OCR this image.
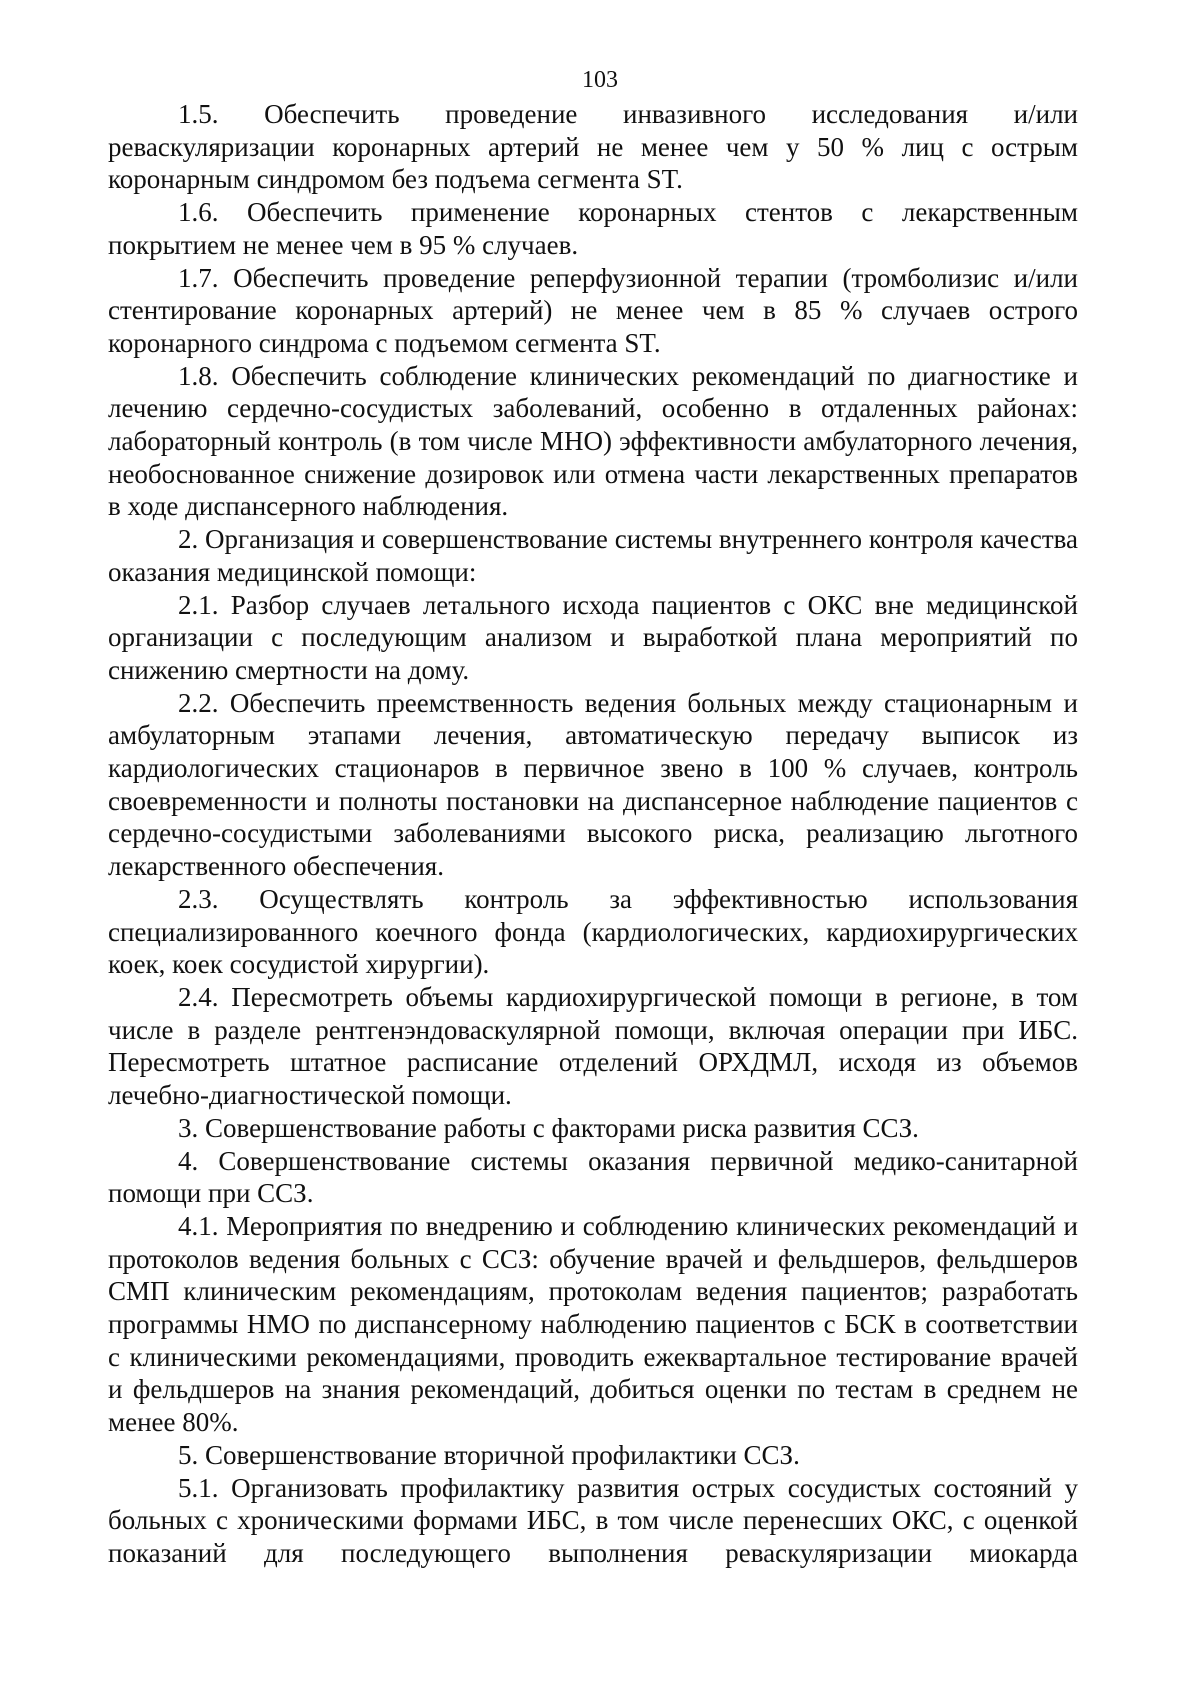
103

1.5. Обеспечить проведение инвазивного исследования и/или реваскуляризации коронарных артерий не менее чем у 50 % лиц с острым коронарным синдромом без подъема сегмента ST.

1.6. Обеспечить применение коронарных стентов с лекарственным покрытием не менее чем в 95 % случаев.

1.7. Обеспечить проведение реперфузионной терапии (тромболизис и/или стентирование коронарных артерий) не менее чем в 85 % случаев острого коронарного синдрома с подъемом сегмента ST.

1.8. Обеспечить соблюдение клинических рекомендаций по диагностике и лечению сердечно-сосудистых заболеваний, особенно в отдаленных районах: лабораторный контроль (в том числе МНО) эффективности амбулаторного лечения, необоснованное снижение дозировок или отмена части лекарственных препаратов в ходе диспансерного наблюдения.

2. Организация и совершенствование системы внутреннего контроля качества оказания медицинской помощи:

2.1. Разбор случаев летального исхода пациентов с ОКС вне медицинской организации с последующим анализом и выработкой плана мероприятий по снижению смертности на дому.

2.2. Обеспечить преемственность ведения больных между стационарным и амбулаторным этапами лечения, автоматическую передачу выписок из кардиологических стационаров в первичное звено в 100 % случаев, контроль своевременности и полноты постановки на диспансерное наблюдение пациентов с сердечно-сосудистыми заболеваниями высокого риска, реализацию льготного лекарственного обеспечения.

2.3. Осуществлять контроль за эффективностью использования специализированного коечного фонда (кардиологических, кардиохирургических коек, коек сосудистой хирургии).

2.4. Пересмотреть объемы кардиохирургической помощи в регионе, в том числе в разделе рентгенэндоваскулярной помощи, включая операции при ИБС. Пересмотреть штатное расписание отделений ОРХДМЛ, исходя из объемов лечебно-диагностической помощи.

3. Совершенствование работы с факторами риска развития ССЗ.

4. Совершенствование системы оказания первичной медико-санитарной помощи при ССЗ.

4.1. Мероприятия по внедрению и соблюдению клинических рекомендаций и протоколов ведения больных с ССЗ: обучение врачей и фельдшеров, фельдшеров СМП клиническим рекомендациям, протоколам ведения пациентов; разработать программы НМО по диспансерному наблюдению пациентов с БСК в соответствии с клиническими рекомендациями, проводить ежеквартальное тестирование врачей и фельдшеров на знания рекомендаций, добиться оценки по тестам в среднем не менее 80%.

5. Совершенствование вторичной профилактики ССЗ.

5.1. Организовать профилактику развития острых сосудистых состояний у больных с хроническими формами ИБС, в том числе перенесших ОКС, с оценкой показаний для последующего выполнения реваскуляризации миокарда
